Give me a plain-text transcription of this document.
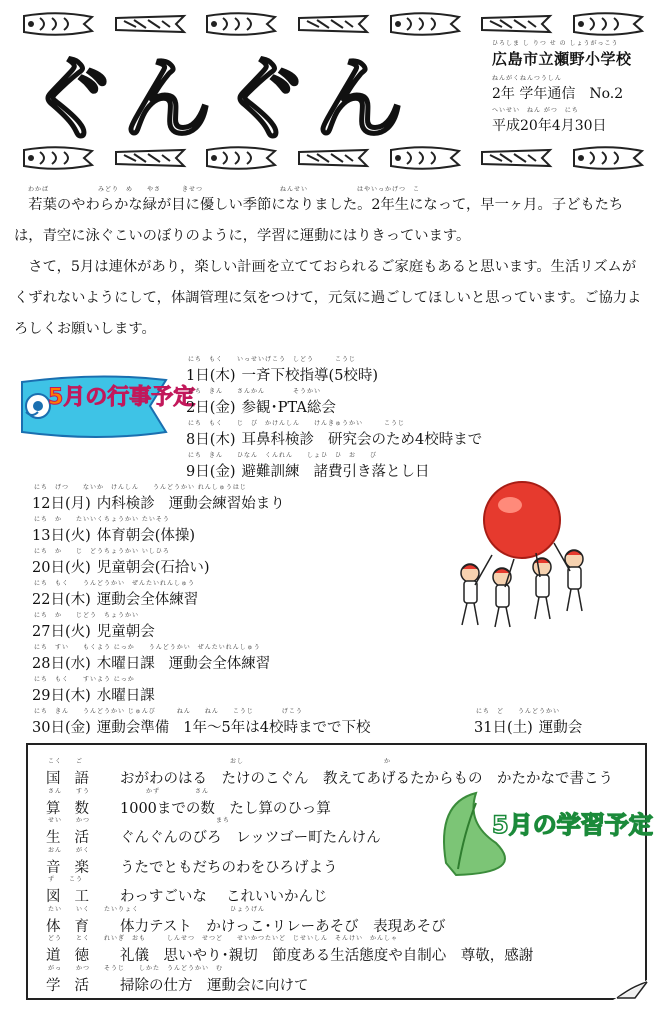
ぐんぐん
ひろしま し りつ せ の しょうがっこう
広島市立瀬野小学校
ねんがくねんつうしん
2年 学年通信　No.2
へいせい　ねん がつ　にち
平成20年4月30日
わかば　　　　　　　みどり　め　　やさ　　　きせつ　　　　　　　　　　　ねんせい　　　　　　　はやいっかげつ　こ

若葉のやわらかな緑が目に優しい季節になりました。2年生になって，早一ヶ月。子どもたちは，青空に泳ぐこいのぼりのように，学習に運動にはりきっています。

さて，5月は連休があり，楽しい計画を立てておられるご家庭もあると思います。生活リズムがくずれないようにして，体調管理に気をつけて，元気に過ごしてほしいと思っています。ご協力よろしくお願いします。

5月の行事予定
にち　もく　　いっせいげこう　しどう　　　こうじ
1日(木) 一斉下校指導(5校時)
にち　きん　　さんかん　　　　そうかい
2日(金) 参観･PTA総会
にち　もく　　じ　び　かけんしん　　けんきゅうかい　　　こうじ
8日(木) 耳鼻科検診 研究会のため4校時まで
にち　きん　　ひなん　くんれん　　しょひ　ひ　お　　び
9日(金) 避難訓練 諸費引き落とし日
にち　げつ　　ないか　けんしん　　うんどうかい れんしゅうはじ
12日(月) 内科検診 運動会練習始まり
にち　か　　たいいくちょうかい たいそう
13日(火) 体育朝会(体操)
にち　か　　じ　どうちょうかい いしひろ
20日(火) 児童朝会(石拾い)
にち　もく　　うんどうかい　ぜんたいれんしゅう
22日(木) 運動会全体練習
にち　か　　じどう　ちょうかい
27日(火) 児童朝会
にち　すい　　もくよう にっか　　うんどうかい　ぜんたいれんしゅう
28日(水) 木曜日課 運動会全体練習
にち　もく　　すいよう にっか
29日(木) 水曜日課
にち　きん　　うんどうかい じゅんび　　　ねん　　ねん　　こうじ　　　　げこう
30日(金) 運動会準備 1年～5年は4校時までで下校
にち　ど　　うんどうかい
31日(土) 運動会
こく　　ご　　　　　　　　　　　　　　　　　　　　　おし　　　　　　　　　　　　　　　　　　　　か
国語 おがわのはる　たけのこぐん　教えてあげるたからもの　かたかなで書こう
さん　　すう　　　　　　　　かず　　　　　さん
算数 1000までの数　たし算のひっ算
せい　　かつ　　　　　　　　　　　　　　　　　　まち
生活 ぐんぐんのびろ　レッツゴー町たんけん
おん　　がく
音楽 うたでともだちのわをひろげよう
ず　　こう
図工 わっすごいな　 これいいかんじ
たい　　いく　　たいりょく　　　　　　　　　　　　　ひょうげん
体育 体力テスト　かけっこ･リレーあそび　表現あそび
どう　　とく　　れいぎ　おも　　　しんせつ　せつど　　せいかつたいど　じせいしん　そんけい　かんしゃ
道徳 礼儀　思いやり･親切　節度ある生活態度や自制心　尊敬，感謝
がっ　　かつ　　そうじ　　しかた　うんどうかい　む
学活 掃除の仕方　運動会に向けて
5月の学習予定
